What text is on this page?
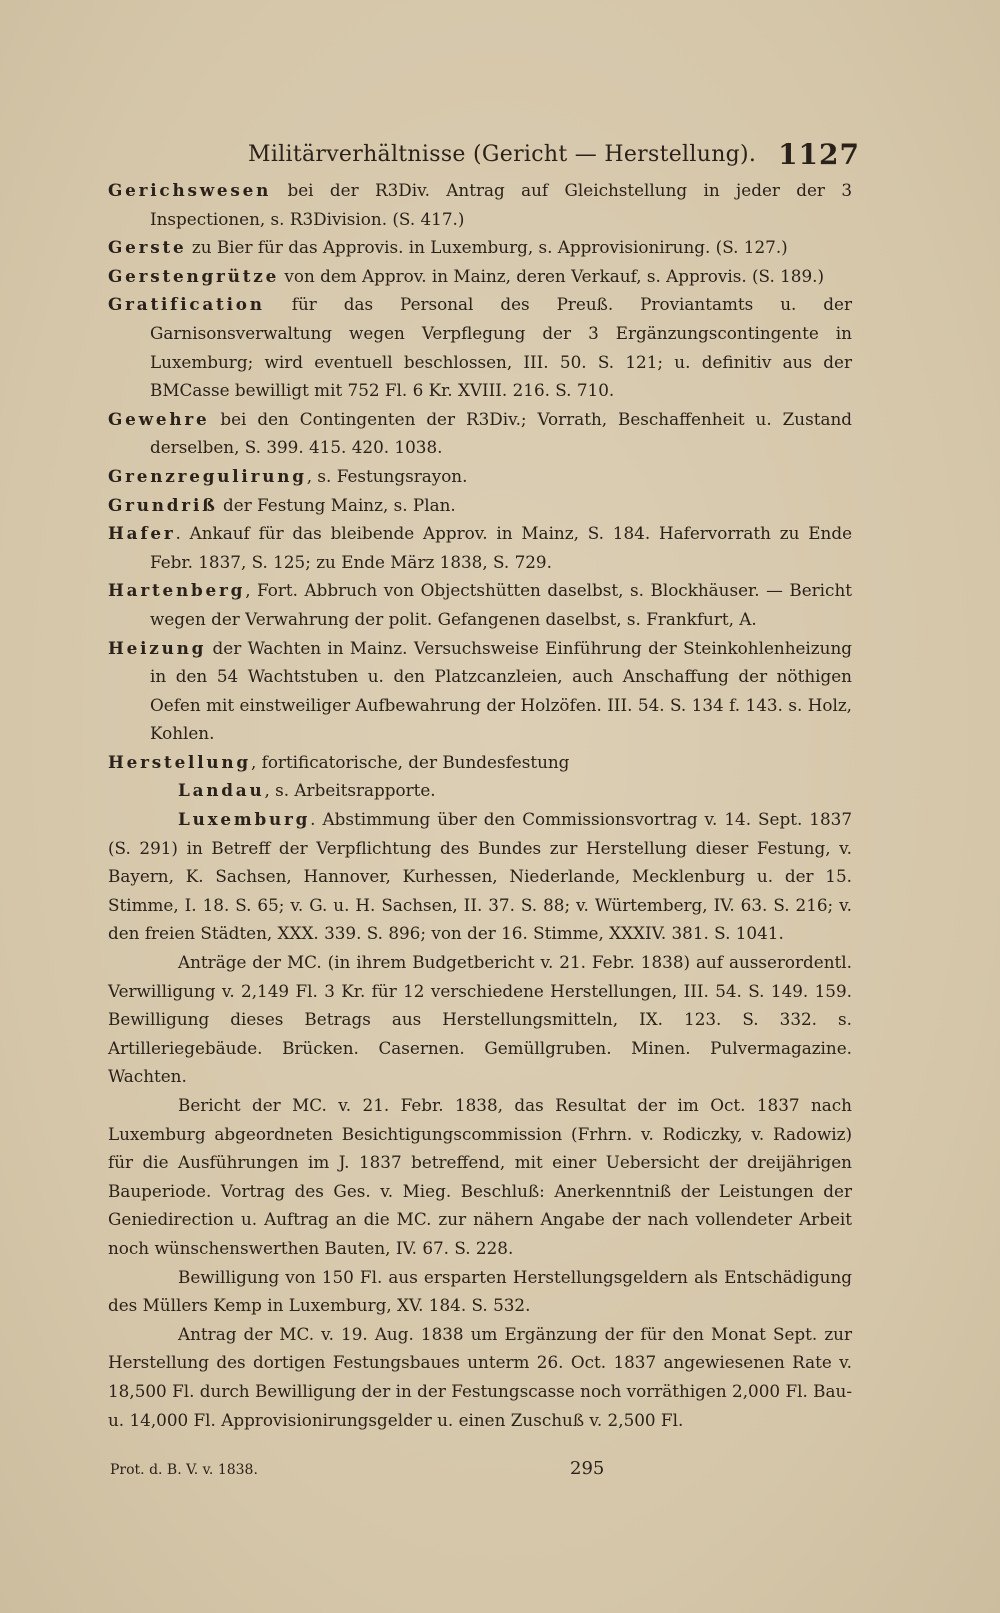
Militärverhältnisse (Gericht — Herstellung). 1127

Gerichswesen bei der R3Div. Antrag auf Gleichstellung in jeder der 3 Inspectionen, s. R3Division. (S. 417.)

Gerste zu Bier für das Approvis. in Luxemburg, s. Approvisionirung. (S. 127.)

Gerstengrütze von dem Approv. in Mainz, deren Verkauf, s. Approvis. (S. 189.)

Gratification für das Personal des Preuß. Proviantamts u. der Garnisonsverwaltung wegen Verpflegung der 3 Ergänzungscontingente in Luxemburg; wird eventuell beschlossen, III. 50. S. 121; u. definitiv aus der BMCasse bewilligt mit 752 Fl. 6 Kr. XVIII. 216. S. 710.

Gewehre bei den Contingenten der R3Div.; Vorrath, Beschaffenheit u. Zustand derselben, S. 399. 415. 420. 1038.

Grenzregulirung, s. Festungsrayon.

Grundriß der Festung Mainz, s. Plan.

Hafer. Ankauf für das bleibende Approv. in Mainz, S. 184. Hafervorrath zu Ende Febr. 1837, S. 125; zu Ende März 1838, S. 729.

Hartenberg, Fort. Abbruch von Objectshütten daselbst, s. Blockhäuser. — Bericht wegen der Verwahrung der polit. Gefangenen daselbst, s. Frankfurt, A.

Heizung der Wachten in Mainz. Versuchsweise Einführung der Steinkohlenheizung in den 54 Wachtstuben u. den Platzcanzleien, auch Anschaffung der nöthigen Oefen mit einstweiliger Aufbewahrung der Holzöfen. III. 54. S. 134 f. 143. s. Holz, Kohlen.

Herstellung, fortificatorische, der Bundesfestung

Landau, s. Arbeitsrapporte.

Luxemburg. Abstimmung über den Commissionsvortrag v. 14. Sept. 1837 (S. 291) in Betreff der Verpflichtung des Bundes zur Herstellung dieser Festung, v. Bayern, K. Sachsen, Hannover, Kurhessen, Niederlande, Mecklenburg u. der 15. Stimme, I. 18. S. 65; v. G. u. H. Sachsen, II. 37. S. 88; v. Würtemberg, IV. 63. S. 216; v. den freien Städten, XXX. 339. S. 896; von der 16. Stimme, XXXIV. 381. S. 1041.

Anträge der MC. (in ihrem Budgetbericht v. 21. Febr. 1838) auf ausserordentl. Verwilligung v. 2,149 Fl. 3 Kr. für 12 verschiedene Herstellungen, III. 54. S. 149. 159. Bewilligung dieses Betrags aus Herstellungsmitteln, IX. 123. S. 332. s. Artilleriegebäude. Brücken. Casernen. Gemüllgruben. Minen. Pulvermagazine. Wachten.

Bericht der MC. v. 21. Febr. 1838, das Resultat der im Oct. 1837 nach Luxemburg abgeordneten Besichtigungscommission (Frhrn. v. Rodiczky, v. Radowiz) für die Ausführungen im J. 1837 betreffend, mit einer Uebersicht der dreijährigen Bauperiode. Vortrag des Ges. v. Mieg. Beschluß: Anerkenntniß der Leistungen der Geniedirection u. Auftrag an die MC. zur nähern Angabe der nach vollendeter Arbeit noch wünschenswerthen Bauten, IV. 67. S. 228.

Bewilligung von 150 Fl. aus ersparten Herstellungsgeldern als Entschädigung des Müllers Kemp in Luxemburg, XV. 184. S. 532.

Antrag der MC. v. 19. Aug. 1838 um Ergänzung der für den Monat Sept. zur Herstellung des dortigen Festungsbaues unterm 26. Oct. 1837 angewiesenen Rate v. 18,500 Fl. durch Bewilligung der in der Festungscasse noch vorräthigen 2,000 Fl. Bau- u. 14,000 Fl. Approvisionirungsgelder u. einen Zuschuß v. 2,500 Fl.

Prot. d. B. V. v. 1838.	295
